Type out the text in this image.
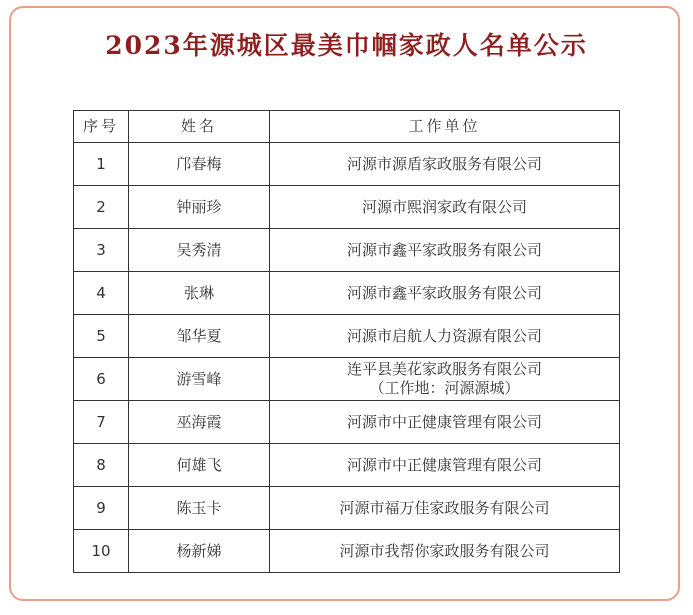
2023年源城区最美巾帼家政人名单公示
序号	姓名	工作单位
1	邝春梅	河源市源盾家政服务有限公司

2	钟丽珍	河源市熙润家政有限公司

3	吴秀清	河源市鑫平家政服务有限公司

4	张琳	河源市鑫平家政服务有限公司

5	邹华夏	河源市启航人力资源有限公司

6	游雪峰	连平县美花家政服务有限公司
（工作地：河源源城）

7	巫海霞	河源市中正健康管理有限公司

8	何雄飞	河源市中正健康管理有限公司

9	陈玉卡	河源市福万佳家政服务有限公司

10	杨新娣	河源市我帮你家政服务有限公司
